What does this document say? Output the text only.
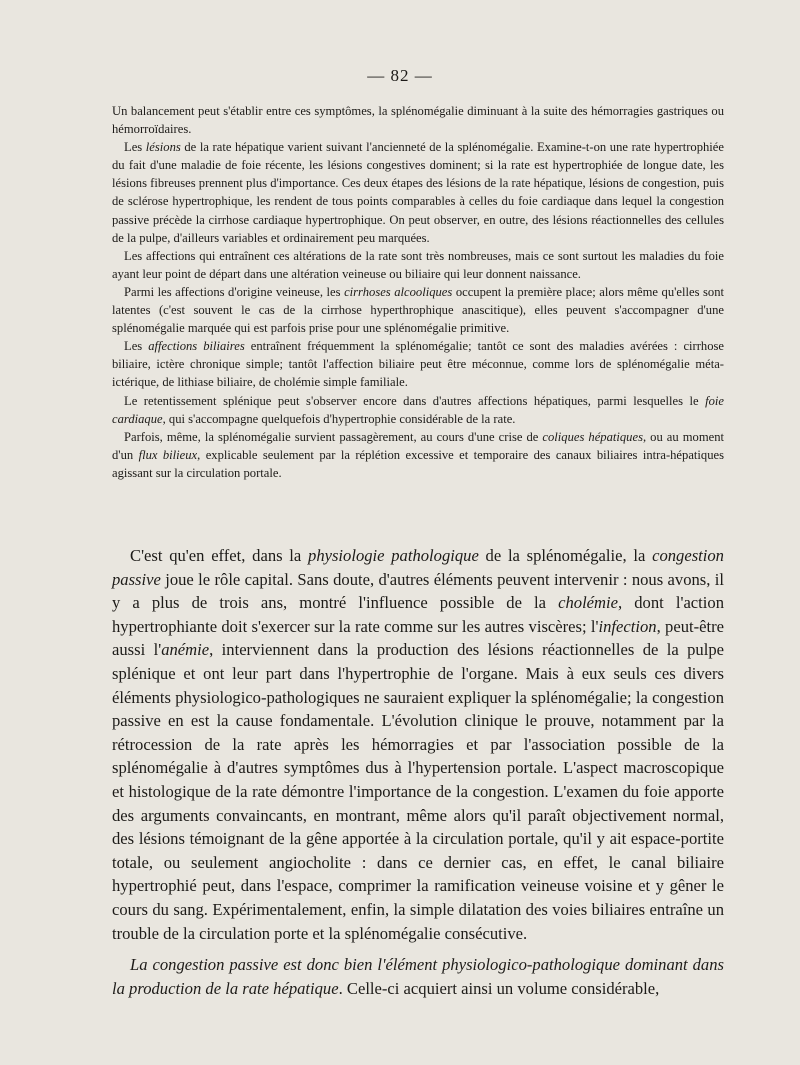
— 82 —

Un balancement peut s'établir entre ces symptômes, la splénomégalie diminuant à la suite des hémorragies gastriques ou hémorroïdaires.

Les lésions de la rate hépatique varient suivant l'ancienneté de la splénomégalie. Examine-t-on une rate hypertrophiée du fait d'une maladie de foie récente, les lésions congestives dominent; si la rate est hypertrophiée de longue date, les lésions fibreuses prennent plus d'importance. Ces deux étapes des lésions de la rate hépatique, lésions de congestion, puis de sclérose hypertrophique, les rendent de tous points comparables à celles du foie cardiaque dans lequel la congestion passive précède la cirrhose cardiaque hypertrophique. On peut observer, en outre, des lésions réactionnelles des cellules de la pulpe, d'ailleurs variables et ordinairement peu marquées.

Les affections qui entraînent ces altérations de la rate sont très nombreuses, mais ce sont surtout les maladies du foie ayant leur point de départ dans une altération veineuse ou biliaire qui leur donnent naissance.

Parmi les affections d'origine veineuse, les cirrhoses alcooliques occupent la première place; alors même qu'elles sont latentes (c'est souvent le cas de la cirrhose hyperthrophique anascitique), elles peuvent s'accompagner d'une splénomégalie marquée qui est parfois prise pour une splénomégalie primitive.

Les affections biliaires entraînent fréquemment la splénomégalie; tantôt ce sont des maladies avérées : cirrhose biliaire, ictère chronique simple; tantôt l'affection biliaire peut être méconnue, comme lors de splénomégalie méta-ictérique, de lithiase biliaire, de cholémie simple familiale.

Le retentissement splénique peut s'observer encore dans d'autres affections hépatiques, parmi lesquelles le foie cardiaque, qui s'accompagne quelquefois d'hypertrophie considérable de la rate.

Parfois, même, la splénomégalie survient passagèrement, au cours d'une crise de coliques hépatiques, ou au moment d'un flux bilieux, explicable seulement par la réplétion excessive et temporaire des canaux biliaires intra-hépatiques agissant sur la circulation portale.

C'est qu'en effet, dans la physiologie pathologique de la splénomégalie, la congestion passive joue le rôle capital. Sans doute, d'autres éléments peuvent intervenir : nous avons, il y a plus de trois ans, montré l'influence possible de la cholémie, dont l'action hypertrophiante doit s'exercer sur la rate comme sur les autres viscères; l'infection, peut-être aussi l'anémie, interviennent dans la production des lésions réactionnelles de la pulpe splénique et ont leur part dans l'hypertrophie de l'organe. Mais à eux seuls ces divers éléments physiologico-pathologiques ne sauraient expliquer la splénomégalie; la congestion passive en est la cause fondamentale. L'évolution clinique le prouve, notamment par la rétrocession de la rate après les hémorragies et par l'association possible de la splénomégalie à d'autres symptômes dus à l'hypertension portale. L'aspect macroscopique et histologique de la rate démontre l'importance de la congestion. L'examen du foie apporte des arguments convaincants, en montrant, même alors qu'il paraît objectivement normal, des lésions témoignant de la gêne apportée à la circulation portale, qu'il y ait espace-portite totale, ou seulement angiocholite : dans ce dernier cas, en effet, le canal biliaire hypertrophié peut, dans l'espace, comprimer la ramification veineuse voisine et y gêner le cours du sang. Expérimentalement, enfin, la simple dilatation des voies biliaires entraîne un trouble de la circulation porte et la splénomégalie consécutive.

La congestion passive est donc bien l'élément physiologico-pathologique dominant dans la production de la rate hépatique. Celle-ci acquiert ainsi un volume considérable,
